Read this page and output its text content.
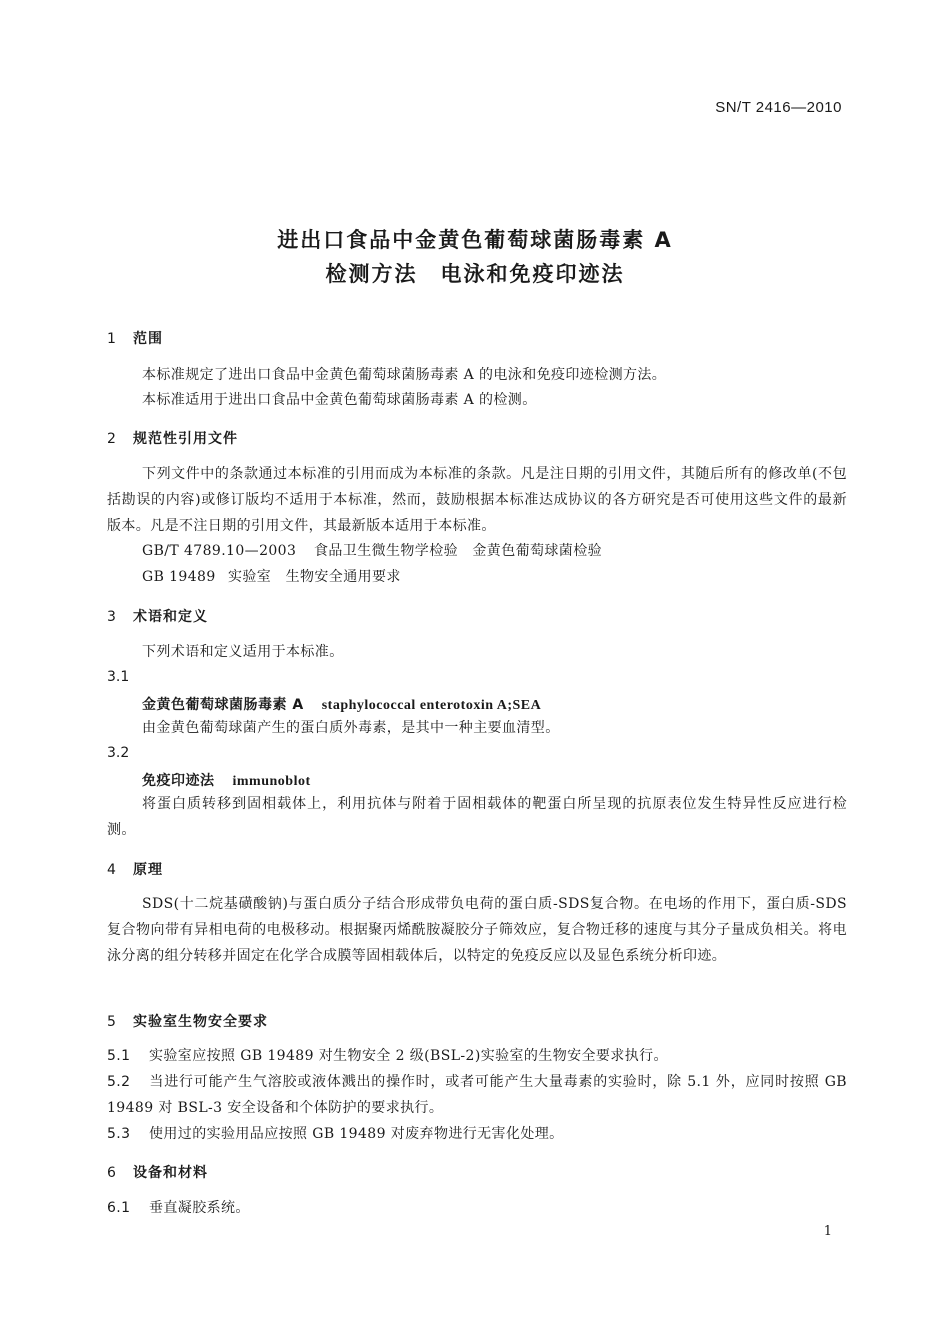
SN/T 2416—2010
进出口食品中金黄色葡萄球菌肠毒素 A
检测方法　电泳和免疫印迹法
1 范围
本标准规定了进出口食品中金黄色葡萄球菌肠毒素 A 的电泳和免疫印迹检测方法。
本标准适用于进出口食品中金黄色葡萄球菌肠毒素 A 的检测。
2 规范性引用文件
下列文件中的条款通过本标准的引用而成为本标准的条款。凡是注日期的引用文件，其随后所有的修改单(不包括勘误的内容)或修订版均不适用于本标准，然而，鼓励根据本标准达成协议的各方研究是否可使用这些文件的最新版本。凡是不注日期的引用文件，其最新版本适用于本标准。
GB/T 4789.10—2003 食品卫生微生物学检验　金黄色葡萄球菌检验
GB 19489 实验室　生物安全通用要求
3 术语和定义
下列术语和定义适用于本标准。
3.1
金黄色葡萄球菌肠毒素 A staphylococcal enterotoxin A;SEA
由金黄色葡萄球菌产生的蛋白质外毒素，是其中一种主要血清型。
3.2
免疫印迹法 immunoblot
将蛋白质转移到固相载体上，利用抗体与附着于固相载体的靶蛋白所呈现的抗原表位发生特异性反应进行检测。
4 原理
SDS(十二烷基磺酸钠)与蛋白质分子结合形成带负电荷的蛋白质-SDS复合物。在电场的作用下，蛋白质-SDS复合物向带有异相电荷的电极移动。根据聚丙烯酰胺凝胶分子筛效应，复合物迁移的速度与其分子量成负相关。将电泳分离的组分转移并固定在化学合成膜等固相载体后，以特定的免疫反应以及显色系统分析印迹。
5 实验室生物安全要求
5.1 实验室应按照 GB 19489 对生物安全 2 级(BSL-2)实验室的生物安全要求执行。
5.2 当进行可能产生气溶胶或液体溅出的操作时，或者可能产生大量毒素的实验时，除 5.1 外，应同时按照 GB 19489 对 BSL-3 安全设备和个体防护的要求执行。
5.3 使用过的实验用品应按照 GB 19489 对废弃物进行无害化处理。
6 设备和材料
6.1 垂直凝胶系统。
1
